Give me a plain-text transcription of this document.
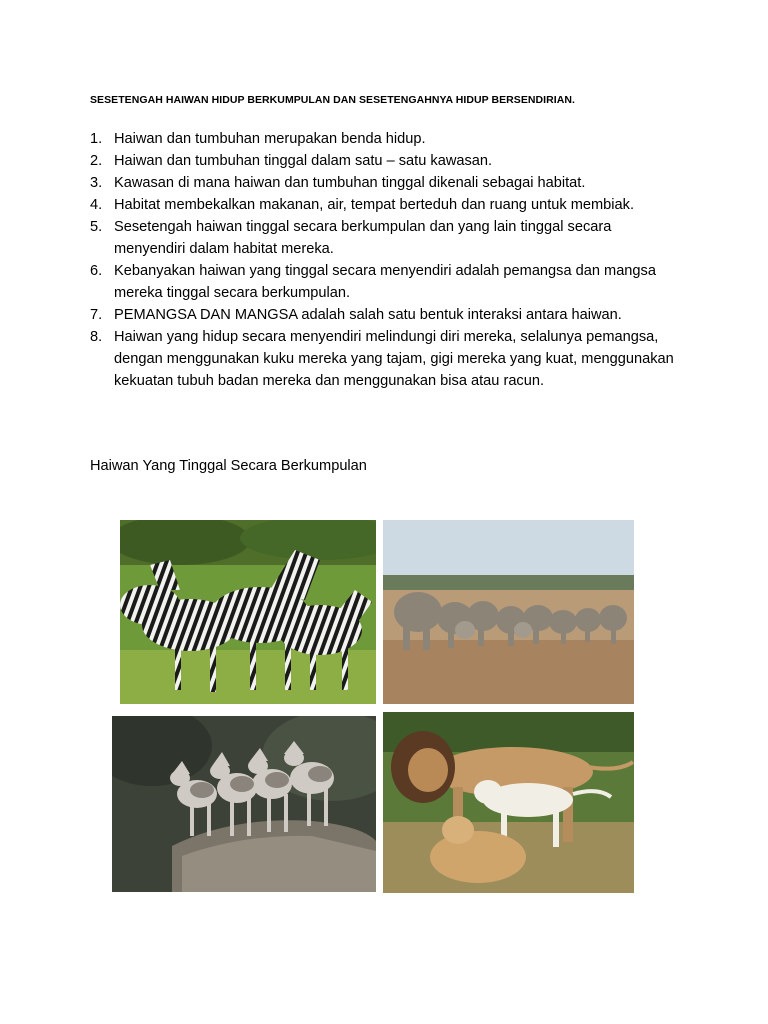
SESETENGAH HAIWAN HIDUP BERKUMPULAN DAN SESETENGAHNYA HIDUP BERSENDIRIAN.
1. Haiwan dan tumbuhan merupakan benda hidup.
2. Haiwan dan tumbuhan tinggal dalam satu – satu kawasan.
3. Kawasan di mana haiwan dan tumbuhan tinggal dikenali sebagai habitat.
4. Habitat membekalkan makanan, air, tempat berteduh dan ruang untuk membiak.
5. Sesetengah haiwan tinggal secara berkumpulan dan yang lain tinggal secara menyendiri dalam habitat mereka.
6. Kebanyakan haiwan yang tinggal secara menyendiri adalah pemangsa dan mangsa mereka tinggal secara berkumpulan.
7. PEMANGSA DAN MANGSA adalah salah satu bentuk interaksi antara haiwan.
8. Haiwan yang hidup secara menyendiri melindungi diri mereka, selalunya pemangsa, dengan menggunakan kuku mereka yang tajam, gigi mereka yang kuat, menggunakan kekuatan tubuh badan mereka dan menggunakan bisa atau racun.
Haiwan Yang Tinggal Secara Berkumpulan
